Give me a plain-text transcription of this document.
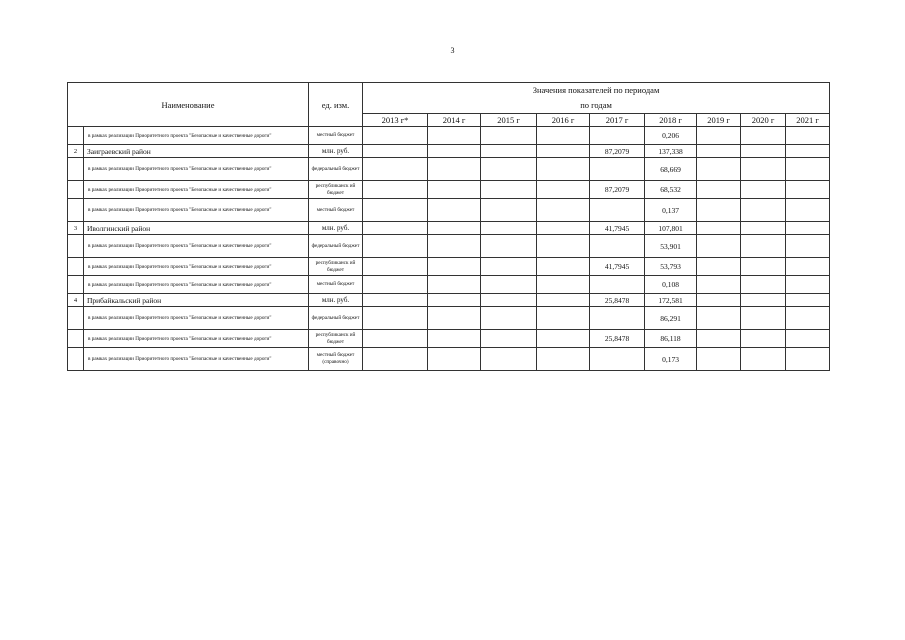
3
Наименование		ед. изм.	Значения показателей по периодам								
			по годам								
			2013 г*	2014 г	2015 г	2016 г	2017 г	2018 г	2019 г	2020 г	2021 г
	в рамках реализации Приоритетного проекта "Безопасные и качественные дороги"	местный бюджет						0,206			
2	Заиграевский район	млн. руб.					87,2079	137,338			
	в рамках реализации Приоритетного проекта "Безопасные и качественные дороги"	федеральный бюджет						68,669			
	в рамках реализации Приоритетного проекта "Безопасные и качественные дороги"	республиканск ий бюджет					87,2079	68,532			
	в рамках реализации Приоритетного проекта "Безопасные и качественные дороги"	местный бюджет						0,137			
3	Иволгинский район	млн. руб.					41,7945	107,801			
	в рамках реализации Приоритетного проекта "Безопасные и качественные дороги"	федеральный бюджет						53,901			
	в рамках реализации Приоритетного проекта "Безопасные и качественные дороги"	республиканск ий бюджет					41,7945	53,793			
	в рамках реализации Приоритетного проекта "Безопасные и качественные дороги"	местный бюджет						0,108			
4	Прибайкальский район	млн. руб.					25,8478	172,581			
	в рамках реализации Приоритетного проекта "Безопасные и качественные дороги"	федеральный бюджет						86,291			
	в рамках реализации Приоритетного проекта "Безопасные и качественные дороги"	республиканск ий бюджет					25,8478	86,118			
	в рамках реализации Приоритетного проекта "Безопасные и качественные дороги"	местный бюджет (справочно)						0,173			
